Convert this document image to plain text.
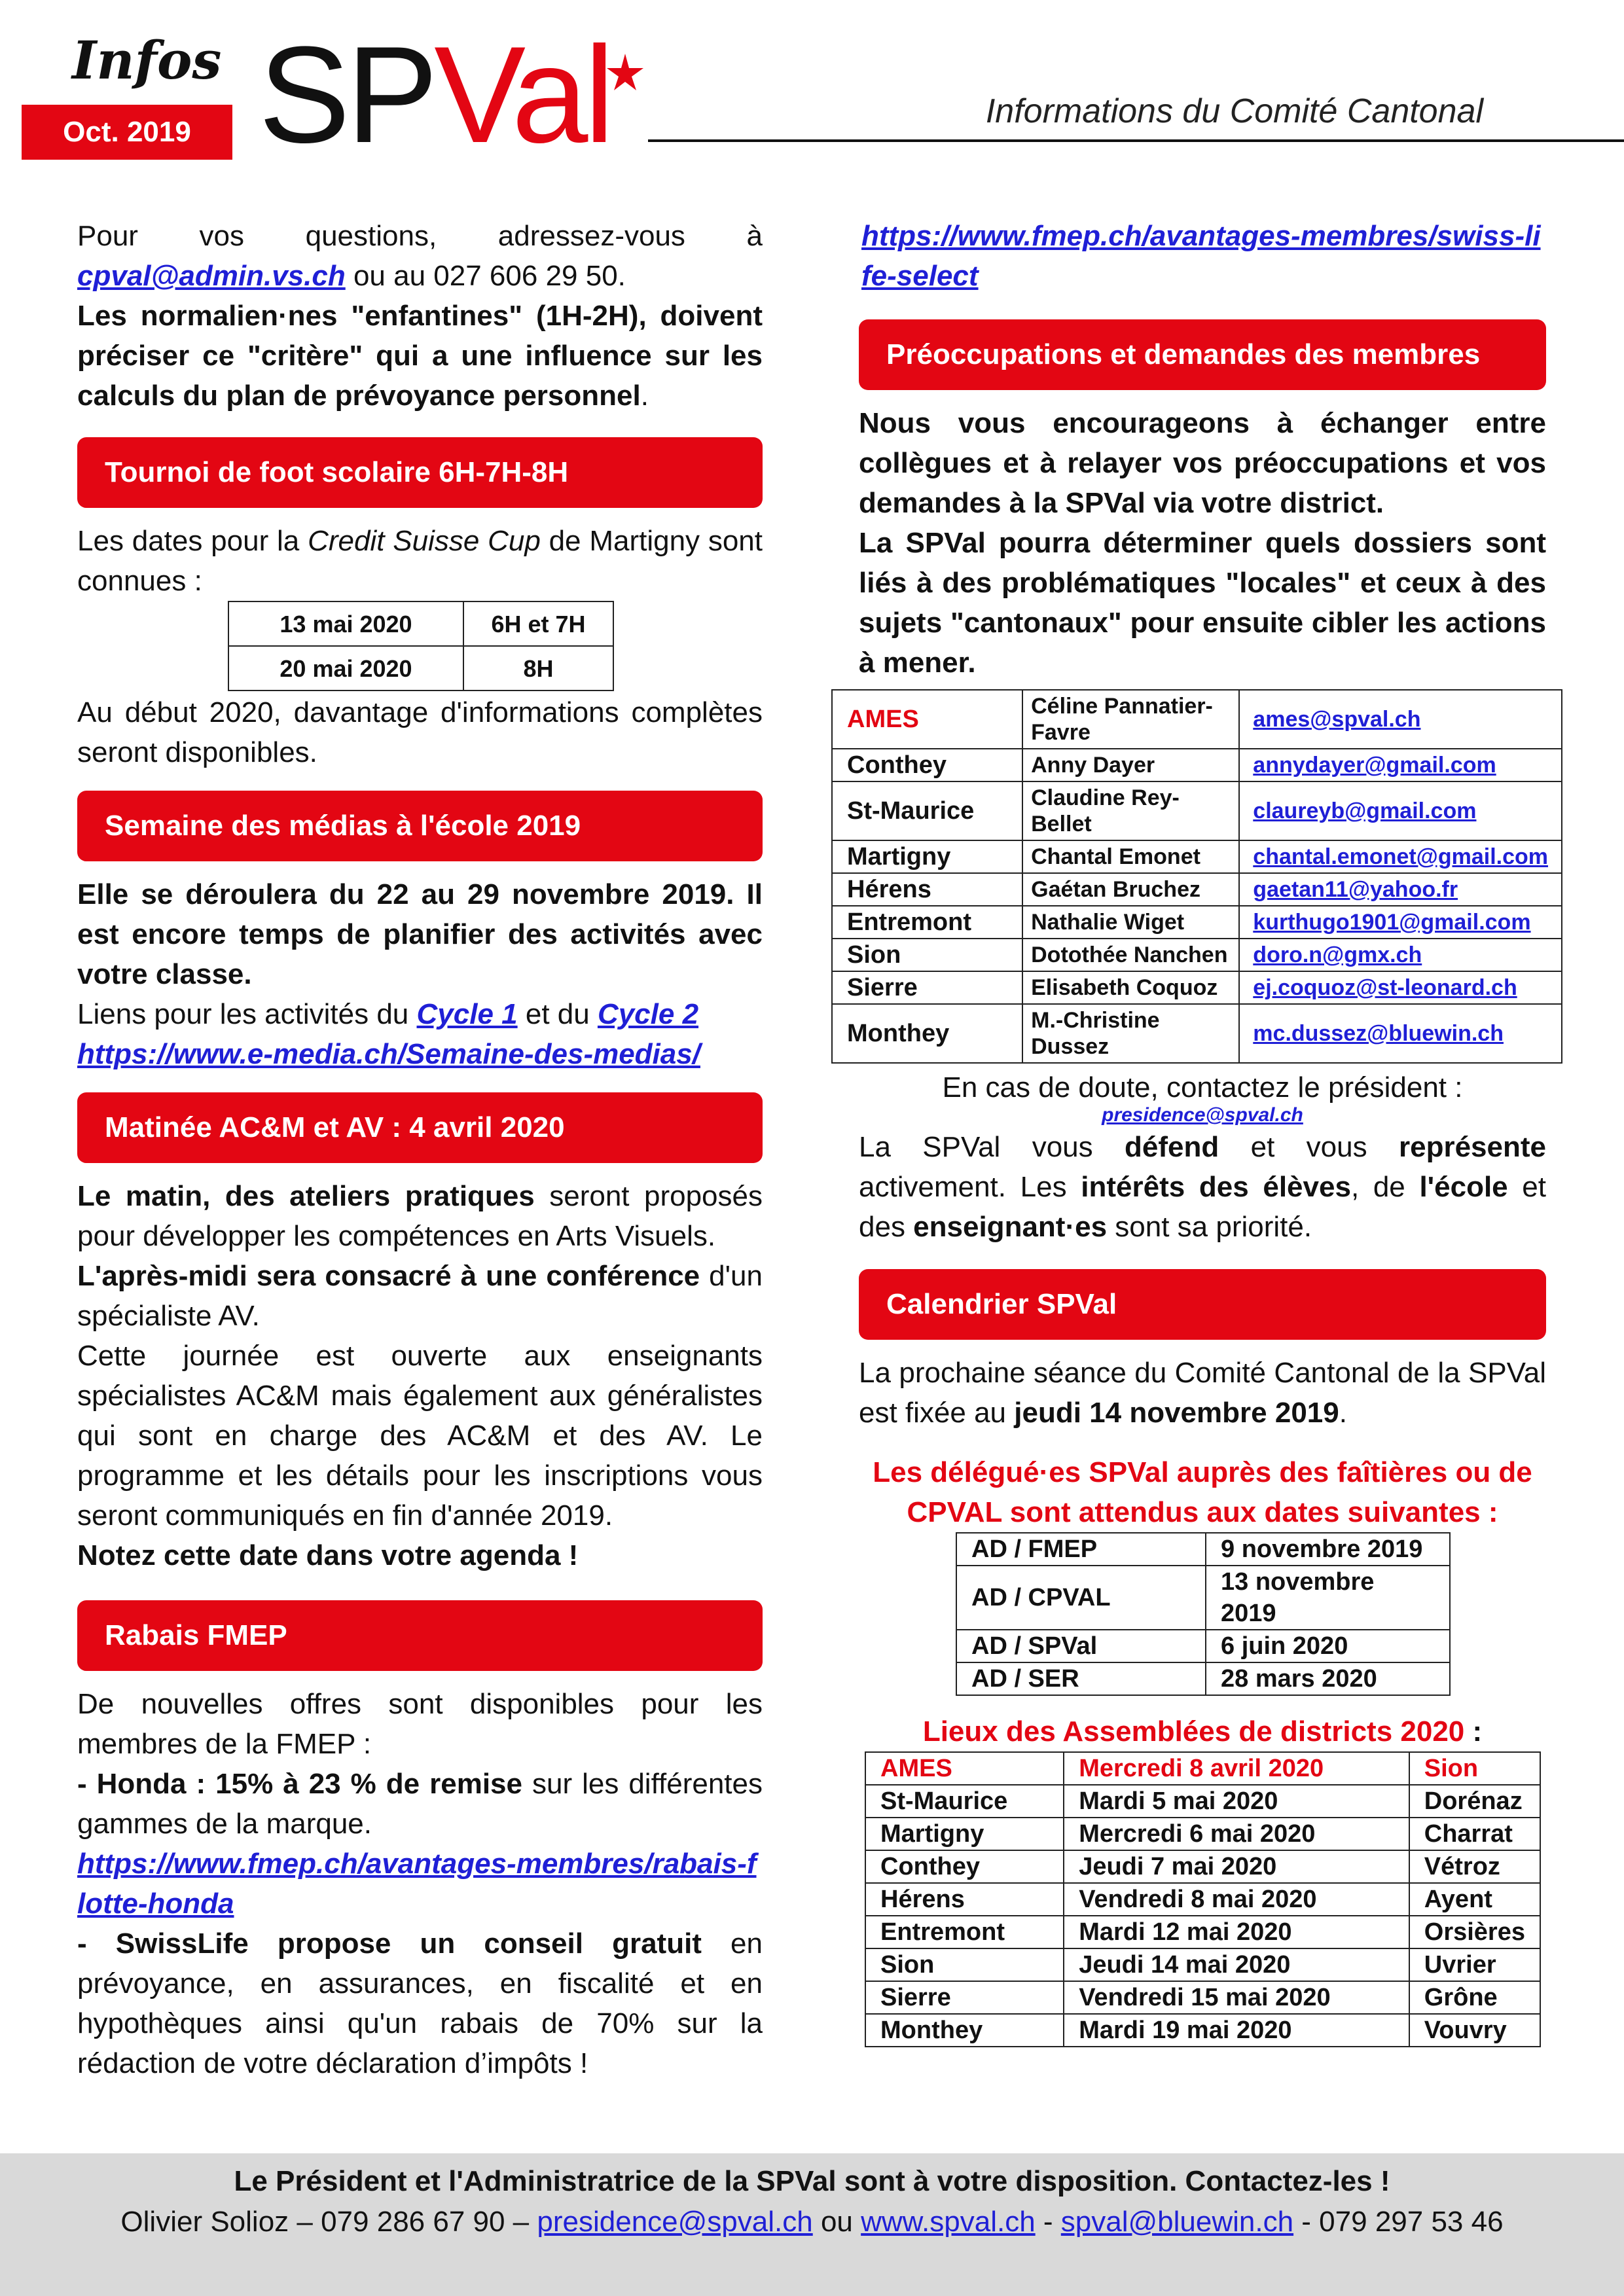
Infos
Oct. 2019 SPVal	Informations du Comité Cantonal

Pour vos questions, adressez-vous à cpval@admin.vs.ch ou au 027 606 29 50.

Les normalien·nes "enfantines" (1H-2H), doivent préciser ce "critère" qui a une influence sur les calculs du plan de prévoyance personnel.

Tournoi de foot scolaire 6H-7H-8H

Les dates pour la Credit Suisse Cup de Martigny sont connues :

13 mai 2020	6H et 7H
20 mai 2020	8H

Au début 2020, davantage d'informations complètes seront disponibles.

Semaine des médias à l'école 2019

Elle se déroulera du 22 au 29 novembre 2019. Il est encore temps de planifier des activités avec votre classe.

Liens pour les activités du Cycle 1 et du Cycle 2

https://www.e-media.ch/Semaine-des-medias/

Matinée AC&M et AV : 4 avril 2020

Le matin, des ateliers pratiques seront proposés pour développer les compétences en Arts Visuels.

L'après-midi sera consacré à une conférence d'un spécialiste AV.

Cette journée est ouverte aux enseignants spécialistes AC&M mais également aux généralistes qui sont en charge des AC&M et des AV. Le programme et les détails pour les inscriptions vous seront communiqués en fin d'année 2019.

Notez cette date dans votre agenda !

Rabais FMEP

De nouvelles offres sont disponibles pour les membres de la FMEP :

- Honda : 15% à 23 % de remise sur les différentes gammes de la marque.

https://www.fmep.ch/avantages-membres/rabais-flotte-honda

- SwissLife propose un conseil gratuit en prévoyance, en assurances, en fiscalité et en hypothèques ainsi qu'un rabais de 70% sur la rédaction de votre déclaration d’impôts !

https://www.fmep.ch/avantages-membres/swiss-life-select

Préoccupations et demandes des membres

Nous vous encourageons à échanger entre collègues et à relayer vos préoccupations et vos demandes à la SPVal via votre district.

La SPVal pourra déterminer quels dossiers sont liés à des problématiques "locales" et ceux à des sujets "cantonaux" pour ensuite cibler les actions à mener.

AMES	Céline Pannatier-Favre	ames@spval.ch
Conthey	Anny Dayer	annydayer@gmail.com
St-Maurice	Claudine Rey-Bellet	claureyb@gmail.com
Martigny	Chantal Emonet	chantal.emonet@gmail.com
Hérens	Gaétan Bruchez	gaetan11@yahoo.fr
Entremont	Nathalie Wiget	kurthugo1901@gmail.com
Sion	Dotothée Nanchen	doro.n@gmx.ch
Sierre	Elisabeth Coquoz	ej.coquoz@st-leonard.ch
Monthey	M.-Christine Dussez	mc.dussez@bluewin.ch

En cas de doute, contactez le président :

presidence@spval.ch

La SPVal vous défend et vous représente activement. Les intérêts des élèves, de l'école et des enseignant·es sont sa priorité.

Calendrier SPVal

La prochaine séance du Comité Cantonal de la SPVal est fixée au jeudi 14 novembre 2019.

Les délégué·es SPVal auprès des faîtières ou de CPVAL sont attendus aux dates suivantes :

AD / FMEP	9 novembre 2019
AD / CPVAL	13 novembre 2019
AD / SPVal	6 juin 2020
AD / SER	28 mars 2020

Lieux des Assemblées de districts 2020 :

AMES	Mercredi 8 avril 2020	Sion
St-Maurice	Mardi 5 mai 2020	Dorénaz
Martigny	Mercredi 6 mai 2020	Charrat
Conthey	Jeudi 7 mai 2020	Vétroz
Hérens	Vendredi 8 mai 2020	Ayent
Entremont	Mardi 12 mai 2020	Orsières
Sion	Jeudi 14 mai 2020	Uvrier
Sierre	Vendredi 15 mai 2020	Grône
Monthey	Mardi 19 mai 2020	Vouvry
Le Président et l'Administratrice de la SPVal sont à votre disposition. Contactez-les !
Olivier Solioz – 079 286 67 90 – presidence@spval.ch ou www.spval.ch - spval@bluewin.ch - 079 297 53 46
